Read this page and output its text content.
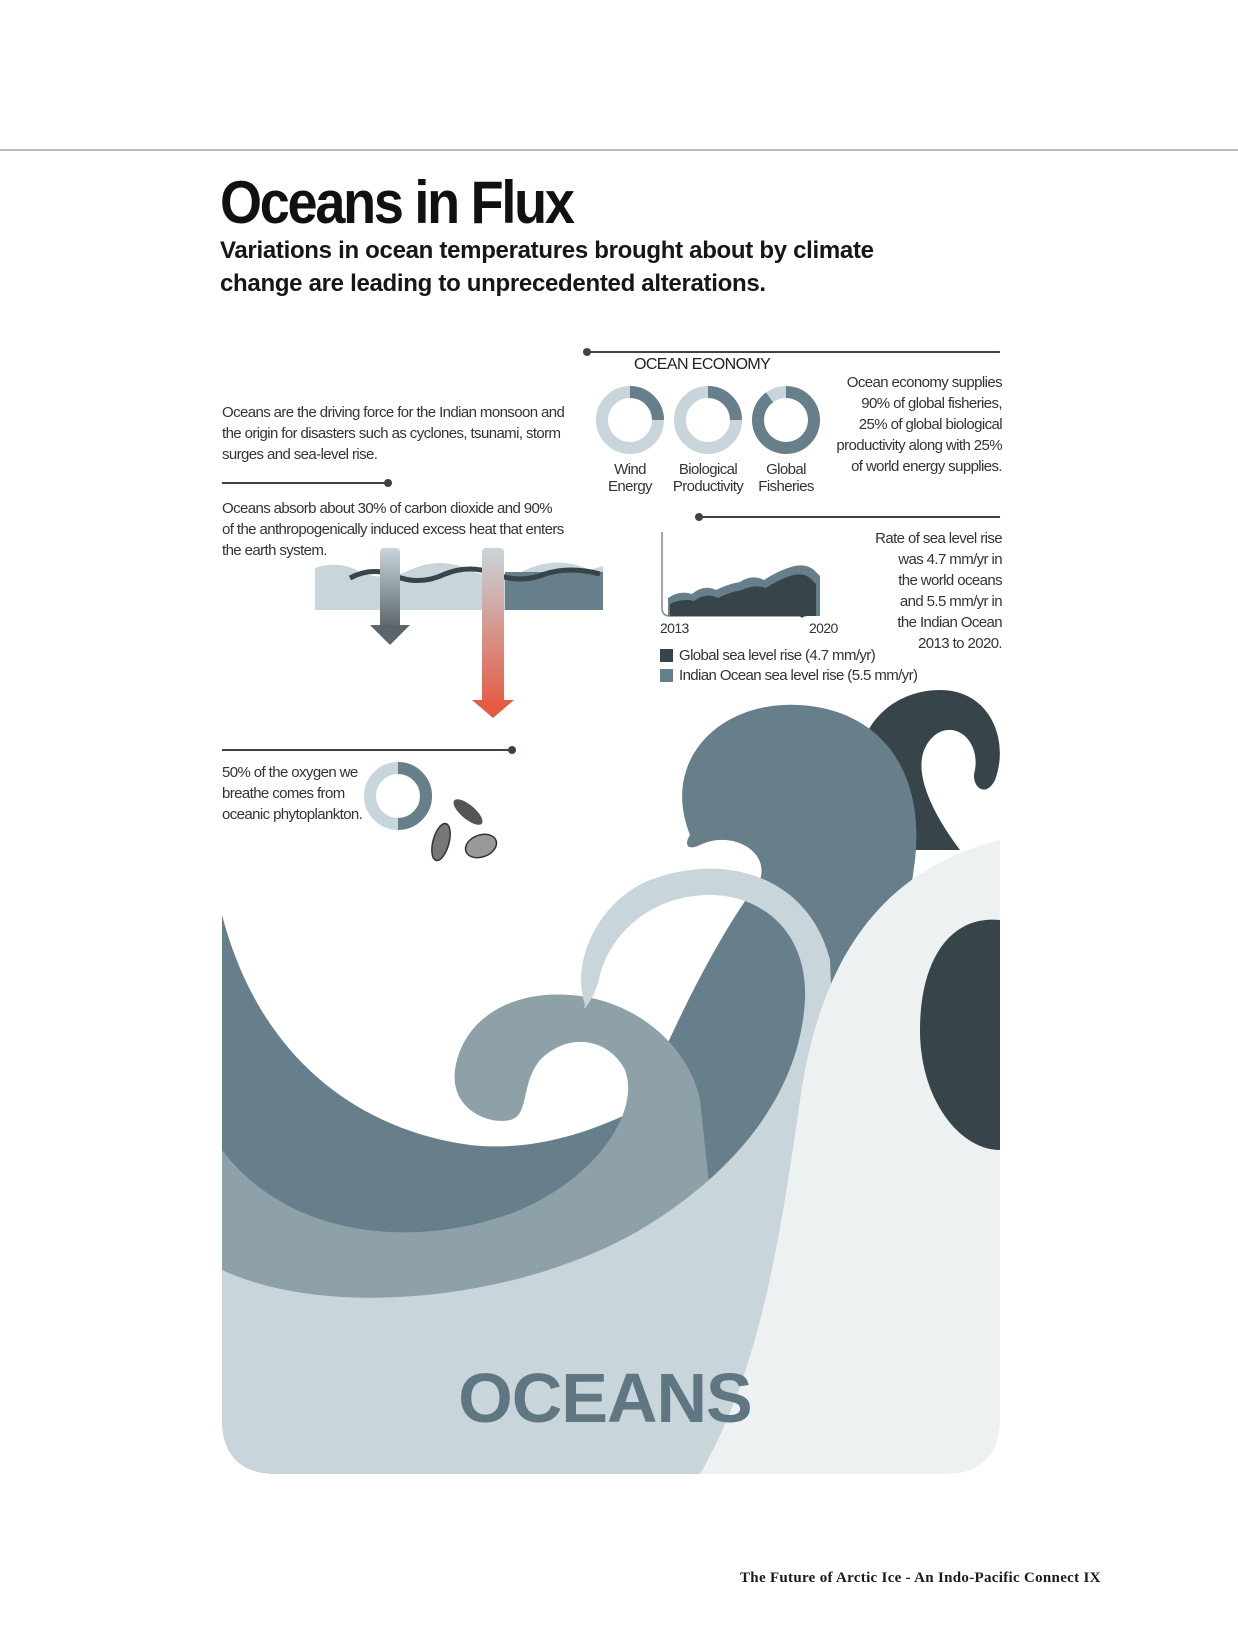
Oceans in Flux
Variations in ocean temperatures brought about by climate
change are leading to unprecedented alterations.
Oceans are the driving force for the Indian monsoon and
the origin for disasters such as cyclones, tsunami, storm
surges and sea-level rise.
Oceans absorb about 30% of carbon dioxide and 90%
of the anthropogenically induced excess heat that enters
the earth system.
50% of the oxygen we
breathe comes from
oceanic phytoplankton.
OCEAN ECONOMY
Wind
Energy
Biological
Productivity
Global
Fisheries
Ocean economy supplies
90% of global fisheries,
25% of global biological
productivity along with 25%
of world energy supplies.
2013	2020
Global sea level rise (4.7 mm/yr)
Indian Ocean sea level rise (5.5 mm/yr)
Rate of sea level rise
was 4.7 mm/yr in
the world oceans
and 5.5 mm/yr in
the Indian Ocean
2013 to 2020.
OCEANS
The Future of Arctic Ice - An Indo-Pacific Connect IX
